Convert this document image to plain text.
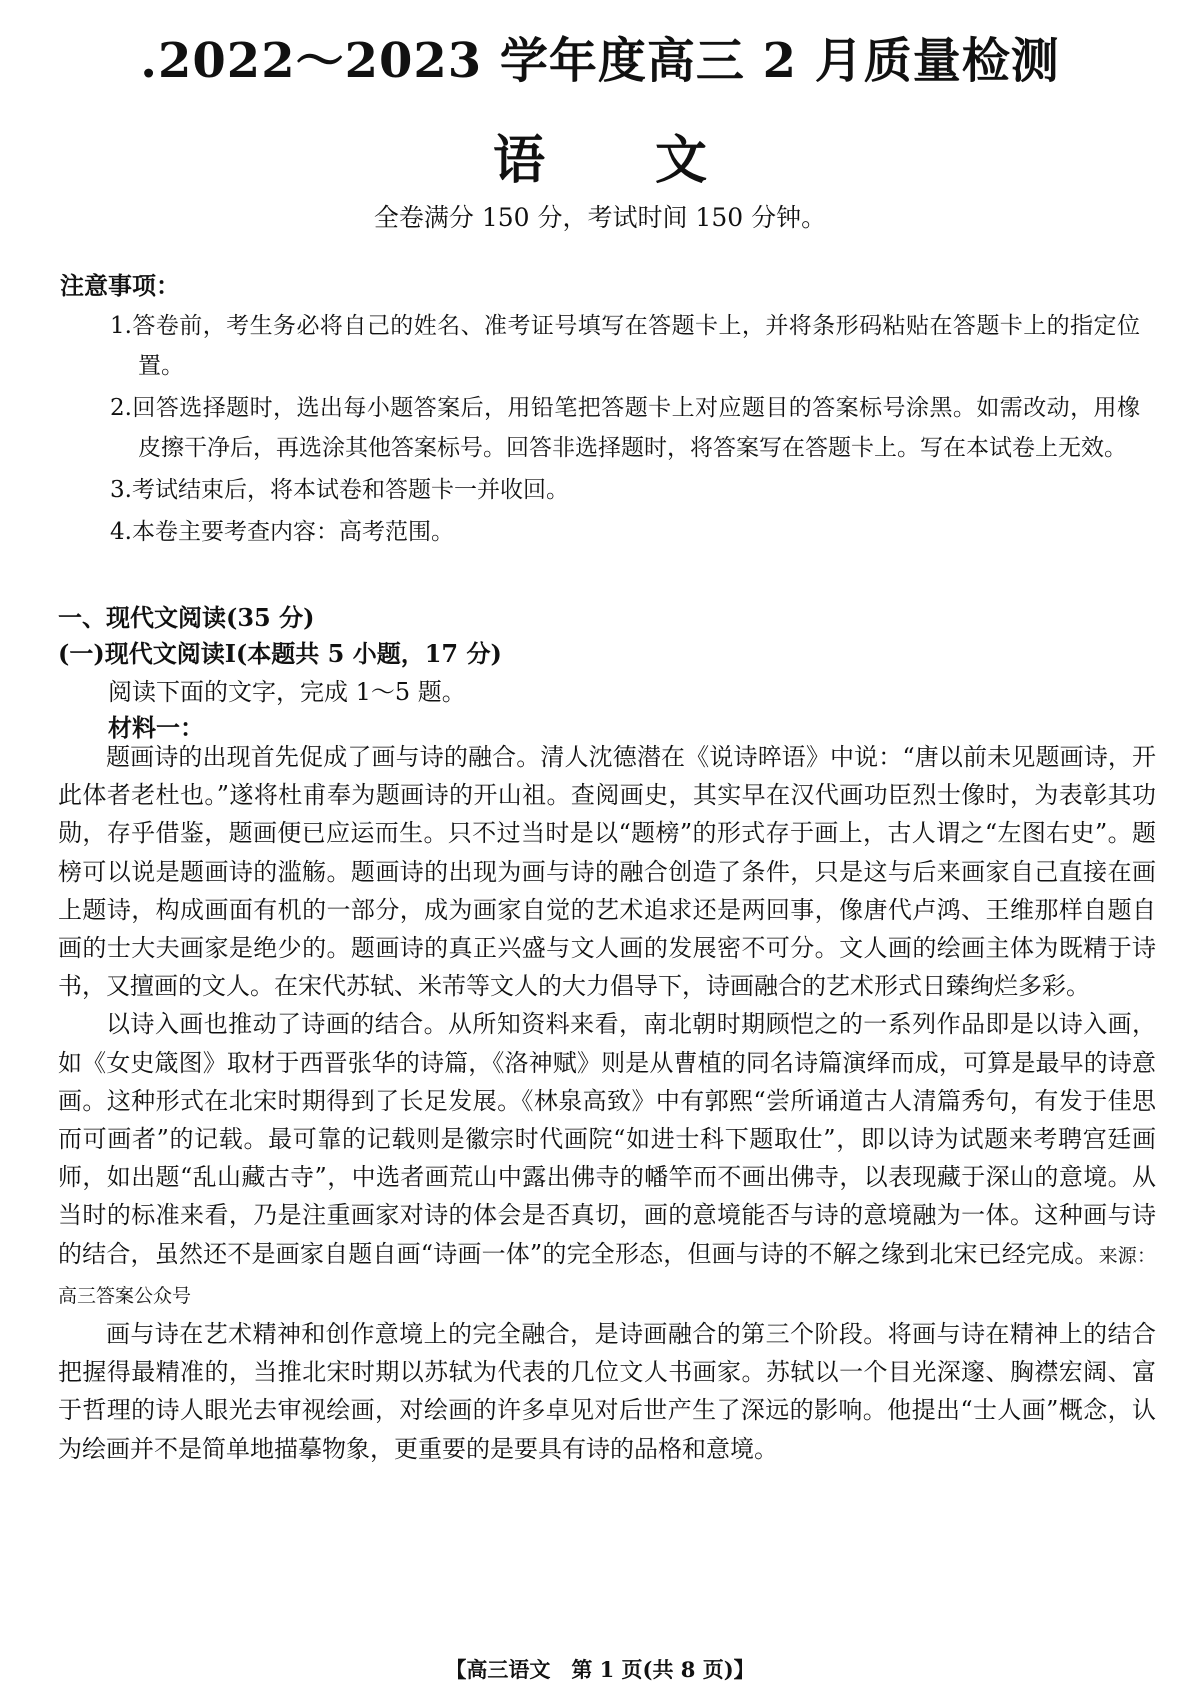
.2022～2023 学年度高三 2 月质量检测
语文
全卷满分 150 分，考试时间 150 分钟。
注意事项：
1.答卷前，考生务必将自己的姓名、准考证号填写在答题卡上，并将条形码粘贴在答题卡上的指定位置。
2.回答选择题时，选出每小题答案后，用铅笔把答题卡上对应题目的答案标号涂黑。如需改动，用橡皮擦干净后，再选涂其他答案标号。回答非选择题时，将答案写在答题卡上。写在本试卷上无效。
3.考试结束后，将本试卷和答题卡一并收回。
4.本卷主要考查内容：高考范围。
一、现代文阅读(35 分)
(一)现代文阅读Ⅰ(本题共 5 小题，17 分)
阅读下面的文字，完成 1～5 题。
材料一：

题画诗的出现首先促成了画与诗的融合。清人沈德潜在《说诗晬语》中说：“唐以前未见题画诗，开此体者老杜也。”遂将杜甫奉为题画诗的开山祖。查阅画史，其实早在汉代画功臣烈士像时，为表彰其功勋，存乎借鉴，题画便已应运而生。只不过当时是以“题榜”的形式存于画上，古人谓之“左图右史”。题榜可以说是题画诗的滥觞。题画诗的出现为画与诗的融合创造了条件，只是这与后来画家自己直接在画上题诗，构成画面有机的一部分，成为画家自觉的艺术追求还是两回事，像唐代卢鸿、王维那样自题自画的士大夫画家是绝少的。题画诗的真正兴盛与文人画的发展密不可分。文人画的绘画主体为既精于诗书，又擅画的文人。在宋代苏轼、米芾等文人的大力倡导下，诗画融合的艺术形式日臻绚烂多彩。

以诗入画也推动了诗画的结合。从所知资料来看，南北朝时期顾恺之的一系列作品即是以诗入画，如《女史箴图》取材于西晋张华的诗篇，《洛神赋》则是从曹植的同名诗篇演绎而成，可算是最早的诗意画。这种形式在北宋时期得到了长足发展。《林泉高致》中有郭熙“尝所诵道古人清篇秀句，有发于佳思而可画者”的记载。最可靠的记载则是徽宗时代画院“如进士科下题取仕”，即以诗为试题来考聘宫廷画师，如出题“乱山藏古寺”，中选者画荒山中露出佛寺的幡竿而不画出佛寺，以表现藏于深山的意境。从当时的标准来看，乃是注重画家对诗的体会是否真切，画的意境能否与诗的意境融为一体。这种画与诗的结合，虽然还不是画家自题自画“诗画一体”的完全形态，但画与诗的不解之缘到北宋已经完成。来源：高三答案公众号

画与诗在艺术精神和创作意境上的完全融合，是诗画融合的第三个阶段。将画与诗在精神上的结合把握得最精准的，当推北宋时期以苏轼为代表的几位文人书画家。苏轼以一个目光深邃、胸襟宏阔、富于哲理的诗人眼光去审视绘画，对绘画的许多卓见对后世产生了深远的影响。他提出“士人画”概念，认为绘画并不是简单地描摹物象，更重要的是要具有诗的品格和意境。

【高三语文　第 1 页(共 8 页)】
